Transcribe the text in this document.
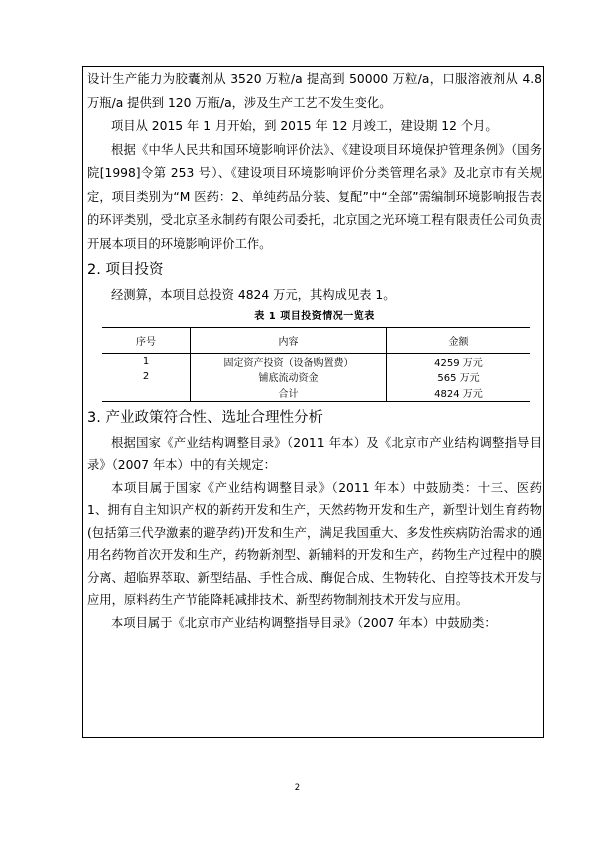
设计生产能力为胶囊剂从 3520 万粒/a 提高到 50000 万粒/a，口服溶液剂从 4.8 万瓶/a 提供到 120 万瓶/a，涉及生产工艺不发生变化。

项目从 2015 年 1 月开始，到 2015 年 12 月竣工，建设期 12 个月。

根据《中华人民共和国环境影响评价法》、《建设项目环境保护管理条例》（国务院[1998]令第 253 号）、《建设项目环境影响评价分类管理名录》及北京市有关规定，项目类别为“M 医药：2、单纯药品分装、复配”中“全部”需编制环境影响报告表的环评类别，受北京圣永制药有限公司委托，北京国之光环境工程有限责任公司负责开展本项目的环境影响评价工作。

2. 项目投资

经测算，本项目总投资 4824 万元，其构成见表 1。

表 1 项目投资情况一览表
序号	内容	金额
1	固定资产投资（设备购置费）	4259 万元
2	铺底流动资金	565 万元
	合计	4824 万元
3. 产业政策符合性、选址合理性分析

根据国家《产业结构调整目录》（2011 年本）及《北京市产业结构调整指导目录》（2007 年本）中的有关规定：

本项目属于国家《产业结构调整目录》（2011 年本）中鼓励类：十三、医药 1、拥有自主知识产权的新药开发和生产，天然药物开发和生产，新型计划生育药物(包括第三代孕激素的避孕药)开发和生产，满足我国重大、多发性疾病防治需求的通用名药物首次开发和生产，药物新剂型、新辅料的开发和生产，药物生产过程中的膜分离、超临界萃取、新型结晶、手性合成、酶促合成、生物转化、自控等技术开发与应用，原料药生产节能降耗减排技术、新型药物制剂技术开发与应用。

本项目属于《北京市产业结构调整指导目录》（2007 年本）中鼓励类：

2
